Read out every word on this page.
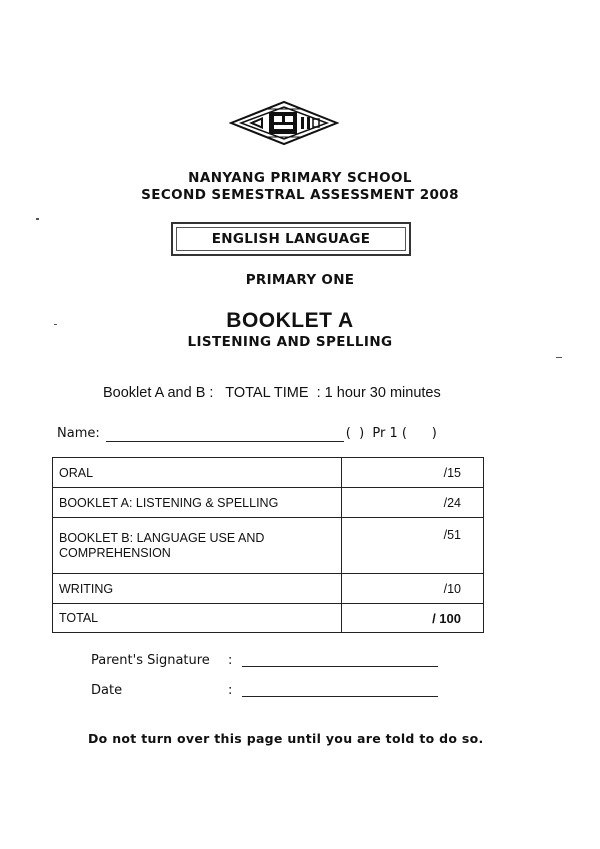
NANYANG PRIMARY SCHOOL
SECOND SEMESTRAL ASSESSMENT 2008
ENGLISH LANGUAGE
PRIMARY ONE
BOOKLET A
LISTENING AND SPELLING
Booklet A and B : TOTAL TIME : 1 hour 30 minutes
Name:	(  )  Pr 1 (      )
ORAL	/15
BOOKLET A: LISTENING & SPELLING	/24

BOOKLET B: LANGUAGE USE AND COMPREHENSION	/51
WRITING	/10
TOTAL	/ 100
Parent's Signature :
Date	:
Do not turn over this page until you are told to do so.
